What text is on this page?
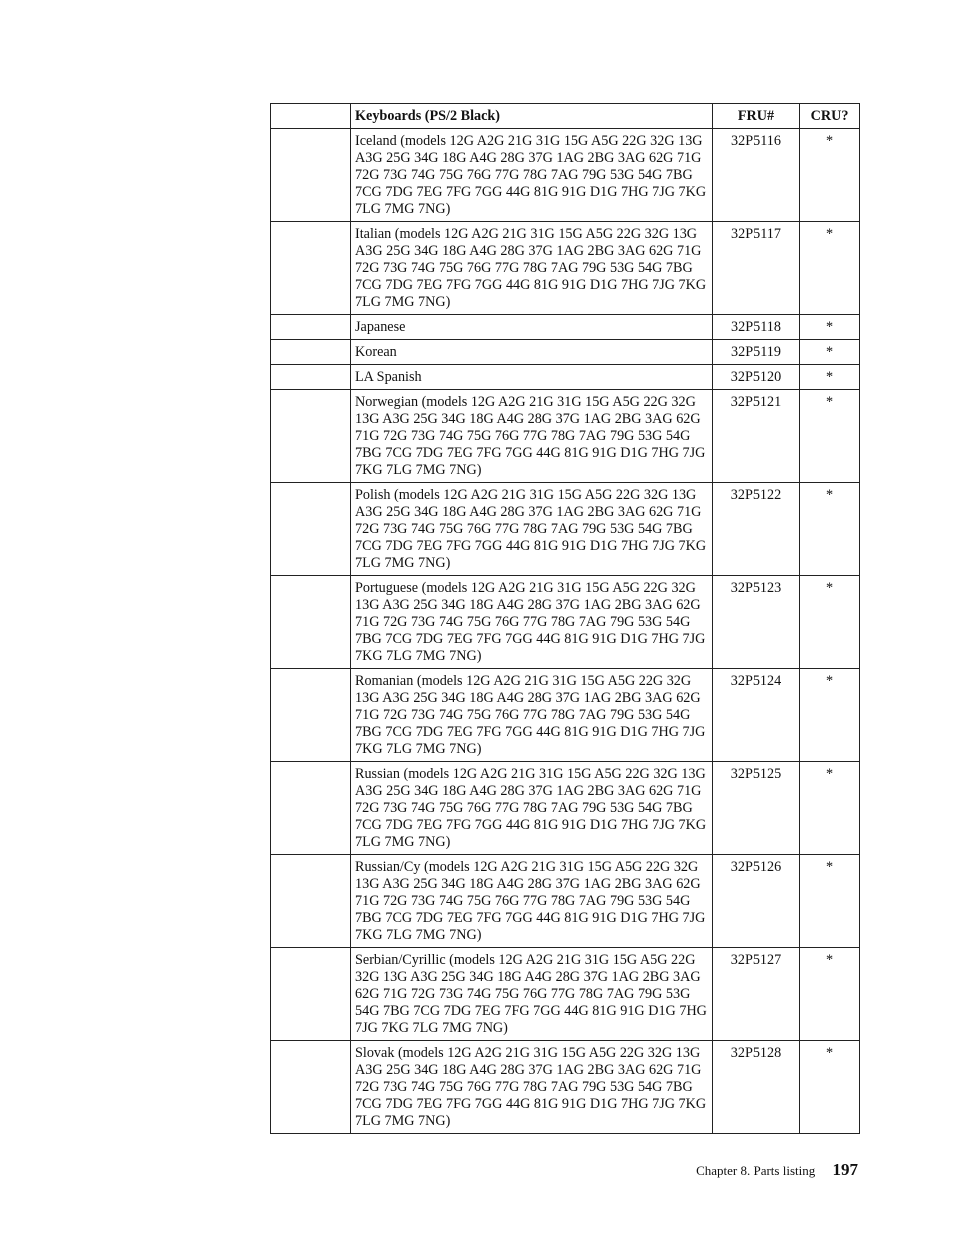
	Keyboards (PS/2 Black)	FRU#	CRU?
	Iceland (models 12G A2G 21G 31G 15G A5G 22G 32G 13G A3G 25G 34G 18G A4G 28G 37G 1AG 2BG 3AG 62G 71G 72G 73G 74G 75G 76G 77G 78G 7AG 79G 53G 54G 7BG 7CG 7DG 7EG 7FG 7GG 44G 81G 91G D1G 7HG 7JG 7KG 7LG 7MG 7NG)	32P5116	*
	Italian (models 12G A2G 21G 31G 15G A5G 22G 32G 13G A3G 25G 34G 18G A4G 28G 37G 1AG 2BG 3AG 62G 71G 72G 73G 74G 75G 76G 77G 78G 7AG 79G 53G 54G 7BG 7CG 7DG 7EG 7FG 7GG 44G 81G 91G D1G 7HG 7JG 7KG 7LG 7MG 7NG)	32P5117	*
	Japanese	32P5118	*
	Korean	32P5119	*
	LA Spanish	32P5120	*
	Norwegian (models 12G A2G 21G 31G 15G A5G 22G 32G 13G A3G 25G 34G 18G A4G 28G 37G 1AG 2BG 3AG 62G 71G 72G 73G 74G 75G 76G 77G 78G 7AG 79G 53G 54G 7BG 7CG 7DG 7EG 7FG 7GG 44G 81G 91G D1G 7HG 7JG 7KG 7LG 7MG 7NG)	32P5121	*
	Polish (models 12G A2G 21G 31G 15G A5G 22G 32G 13G A3G 25G 34G 18G A4G 28G 37G 1AG 2BG 3AG 62G 71G 72G 73G 74G 75G 76G 77G 78G 7AG 79G 53G 54G 7BG 7CG 7DG 7EG 7FG 7GG 44G 81G 91G D1G 7HG 7JG 7KG 7LG 7MG 7NG)	32P5122	*
	Portuguese (models 12G A2G 21G 31G 15G A5G 22G 32G 13G A3G 25G 34G 18G A4G 28G 37G 1AG 2BG 3AG 62G 71G 72G 73G 74G 75G 76G 77G 78G 7AG 79G 53G 54G 7BG 7CG 7DG 7EG 7FG 7GG 44G 81G 91G D1G 7HG 7JG 7KG 7LG 7MG 7NG)	32P5123	*
	Romanian (models 12G A2G 21G 31G 15G A5G 22G 32G 13G A3G 25G 34G 18G A4G 28G 37G 1AG 2BG 3AG 62G 71G 72G 73G 74G 75G 76G 77G 78G 7AG 79G 53G 54G 7BG 7CG 7DG 7EG 7FG 7GG 44G 81G 91G D1G 7HG 7JG 7KG 7LG 7MG 7NG)	32P5124	*
	Russian (models 12G A2G 21G 31G 15G A5G 22G 32G 13G A3G 25G 34G 18G A4G 28G 37G 1AG 2BG 3AG 62G 71G 72G 73G 74G 75G 76G 77G 78G 7AG 79G 53G 54G 7BG 7CG 7DG 7EG 7FG 7GG 44G 81G 91G D1G 7HG 7JG 7KG 7LG 7MG 7NG)	32P5125	*
	Russian/Cy (models 12G A2G 21G 31G 15G A5G 22G 32G 13G A3G 25G 34G 18G A4G 28G 37G 1AG 2BG 3AG 62G 71G 72G 73G 74G 75G 76G 77G 78G 7AG 79G 53G 54G 7BG 7CG 7DG 7EG 7FG 7GG 44G 81G 91G D1G 7HG 7JG 7KG 7LG 7MG 7NG)	32P5126	*
	Serbian/Cyrillic (models 12G A2G 21G 31G 15G A5G 22G 32G 13G A3G 25G 34G 18G A4G 28G 37G 1AG 2BG 3AG 62G 71G 72G 73G 74G 75G 76G 77G 78G 7AG 79G 53G 54G 7BG 7CG 7DG 7EG 7FG 7GG 44G 81G 91G D1G 7HG 7JG 7KG 7LG 7MG 7NG)	32P5127	*
	Slovak (models 12G A2G 21G 31G 15G A5G 22G 32G 13G A3G 25G 34G 18G A4G 28G 37G 1AG 2BG 3AG 62G 71G 72G 73G 74G 75G 76G 77G 78G 7AG 79G 53G 54G 7BG 7CG 7DG 7EG 7FG 7GG 44G 81G 91G D1G 7HG 7JG 7KG 7LG 7MG 7NG)	32P5128	*
Chapter 8. Parts listing 197
